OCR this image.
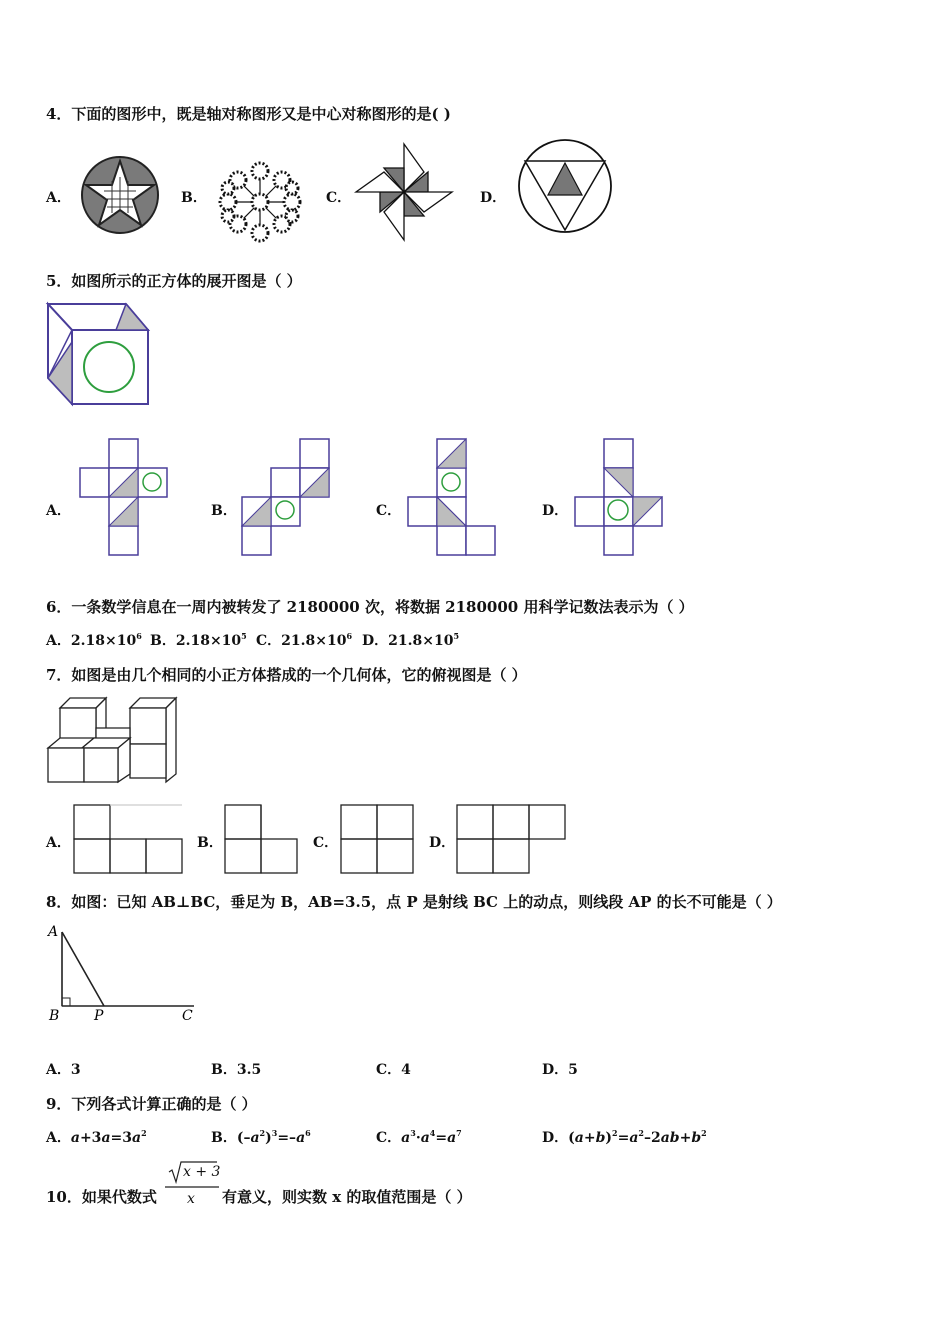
4．下面的图形中，既是轴对称图形又是中心对称图形的是( )
A．	B．	C．	D．
5．如图所示的正方体的展开图是（ ）
A．	B．	C．	D．
6．一条数学信息在一周内被转发了 2180000 次，将数据 2180000 用科学记数法表示为（ ）
A．$2.18\times 10^6$ B．$2.18\times 10^5$ C．$21.8\times 10^6$ D．$21.8\times 10^5$
7．如图是由几个相同的小正方体搭成的一个几何体，它的俯视图是（ ）
A．	B．	C．	D．
8．如图：已知 AB⊥BC，垂足为 B，AB=3.5，点 P 是射线 BC 上的动点，则线段 AP 的长不可能是（ ）
A
B P	C
A．3	B．3.5	C．4	D．5
9．下列各式计算正确的是（ ）
A．$a+3a=3a^2$	B．$(-a^2)^3=-a^6$	C．$a^3\cdot a^4=a^7$	D．$(a+b)^2=a^2-2ab+b^2$
10．如果代数式
x + 3
x 有意义，则实数 x 的取值范围是（ ）
